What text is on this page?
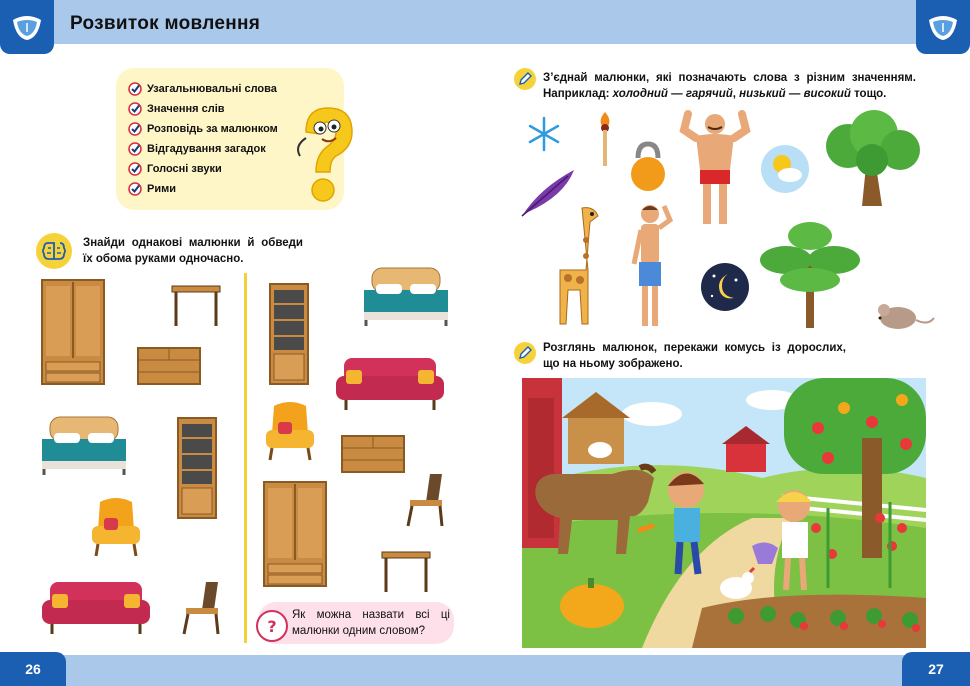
Розвиток мовлення
Узагальнювальні слова
Значення слів
Розповідь за малюнком
Відгадування загадок
Голосні звуки
Рими
Знайди однакові малюнки й обведи
їх обома руками одночасно.
?
Як можна назвати всі ці
малюнки одним словом?
З’єднай малюнки, які позначають слова з різним значенням.
Наприклад: холодний — гарячий, низький — високий тощо.
Розглянь малюнок, перекажи комусь із дорослих,
що на ньому зображено.
26	27
